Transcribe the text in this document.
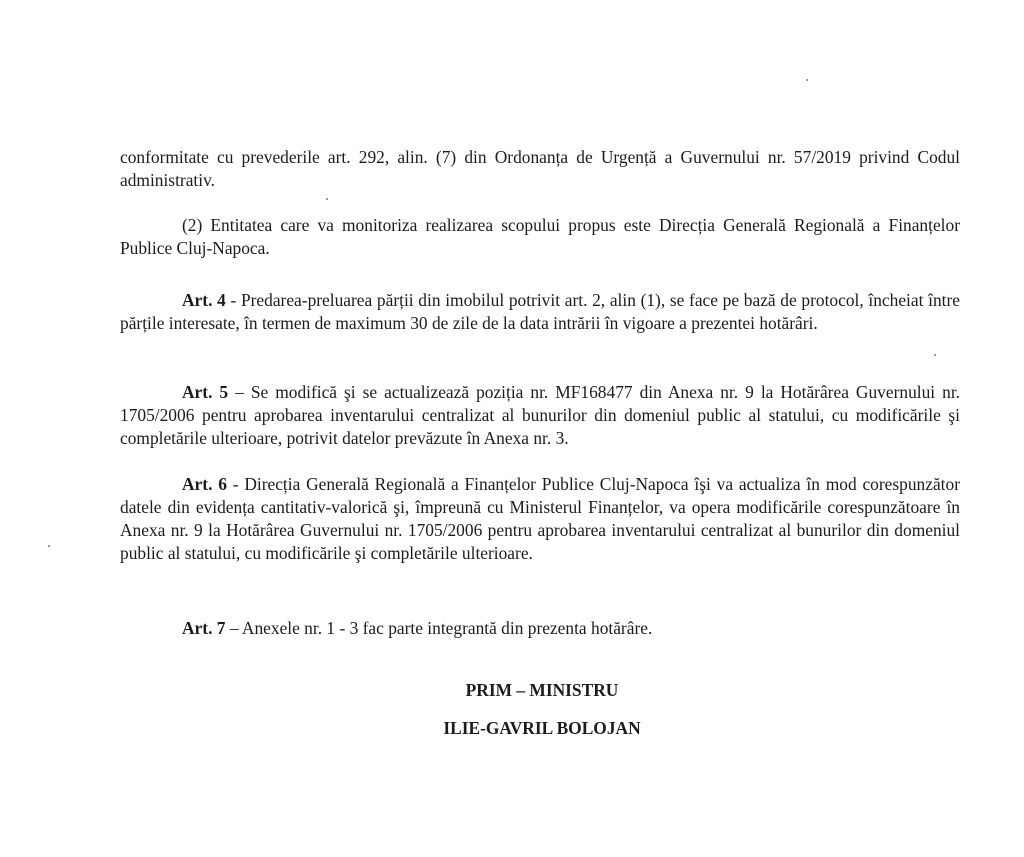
conformitate cu prevederile art. 292, alin. (7) din Ordonanța de Urgență a Guvernului nr. 57/2019 privind Codul administrativ.

(2) Entitatea care va monitoriza realizarea scopului propus este Direcția Generală Regională a Finanțelor Publice Cluj-Napoca.

Art. 4 - Predarea-preluarea părții din imobilul potrivit art. 2, alin (1), se face pe bază de protocol, încheiat între părțile interesate, în termen de maximum 30 de zile de la data intrării în vigoare a prezentei hotărâri.

Art. 5 – Se modifică şi se actualizează poziția nr. MF168477 din Anexa nr. 9 la Hotărârea Guvernului nr. 1705/2006 pentru aprobarea inventarului centralizat al bunurilor din domeniul public al statului, cu modificările şi completările ulterioare, potrivit datelor prevăzute în Anexa nr. 3.

Art. 6 - Direcția Generală Regională a Finanțelor Publice Cluj-Napoca îşi va actualiza în mod corespunzător datele din evidența cantitativ-valorică şi, împreună cu Ministerul Finanțelor, va opera modificările corespunzătoare în Anexa nr. 9 la Hotărârea Guvernului nr. 1705/2006 pentru aprobarea inventarului centralizat al bunurilor din domeniul public al statului, cu modificările şi completările ulterioare.

Art. 7 – Anexele nr. 1 - 3 fac parte integrantă din prezenta hotărâre.

PRIM – MINISTRU

ILIE-GAVRIL BOLOJAN
